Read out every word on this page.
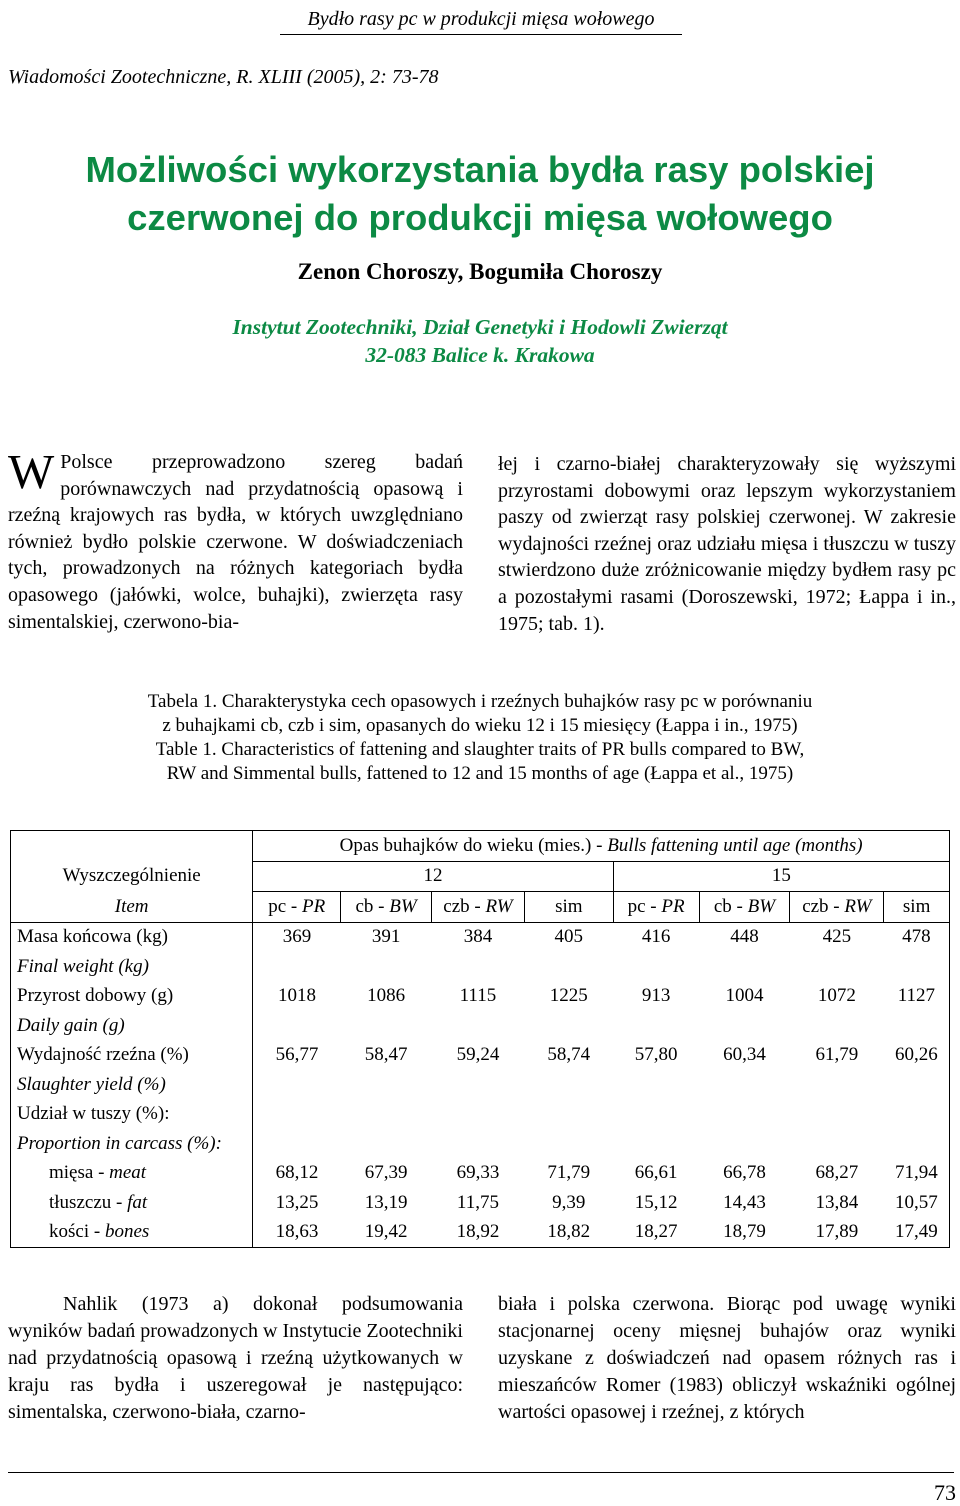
Bydło rasy pc w produkcji mięsa wołowego
Wiadomości Zootechniczne, R. XLIII (2005), 2: 73-78
Możliwości wykorzystania bydła rasy polskiej
czerwonej do produkcji mięsa wołowego
Zenon Choroszy, Bogumiła Choroszy
Instytut Zootechniki, Dział Genetyki i Hodowli Zwierząt
32-083 Balice k. Krakowa

W Polsce przeprowadzono szereg badań porównawczych nad przydatnością opasową i rzeźną krajowych ras bydła, w których uwzględniano również bydło polskie czerwone. W doświadczeniach tych, prowadzonych na różnych kategoriach bydła opasowego (jałówki, wolce, buhajki), zwierzęta rasy simentalskiej, czerwono-bia-

łej i czarno-białej charakteryzowały się wyższymi przyrostami dobowymi oraz lepszym wykorzystaniem paszy od zwierząt rasy polskiej czerwonej. W zakresie wydajności rzeźnej oraz udziału mięsa i tłuszczu w tuszy stwierdzono duże zróżnicowanie między bydłem rasy pc a pozostałymi rasami (Doroszewski, 1972; Łappa i in., 1975; tab. 1).

Tabela 1. Charakterystyka cech opasowych i rzeźnych buhajków rasy pc w porównaniu
z buhajkami cb, czb i sim, opasanych do wieku 12 i 15 miesięcy (Łappa i in., 1975)
Table 1. Characteristics of fattening and slaughter traits of PR bulls compared to BW,
RW and Simmental bulls, fattened to 12 and 15 months of age (Łappa et al., 1975)
	Opas buhajków do wieku (mies.) - Bulls fattening until age (months)							
Wyszczególnienie	12				15			
Item	pc - PR	cb - BW	czb - RW	sim	pc - PR	cb - BW	czb - RW	sim
Masa końcowa (kg)	369	391	384	405	416	448	425	478
Final weight (kg)								
Przyrost dobowy (g)	1018	1086	1115	1225	913	1004	1072	1127
Daily gain (g)								
Wydajność rzeźna (%)	56,77	58,47	59,24	58,74	57,80	60,34	61,79	60,26
Slaughter yield (%)								
Udział w tuszy (%):								
Proportion in carcass (%):								
mięsa - meat	68,12	67,39	69,33	71,79	66,61	66,78	68,27	71,94
tłuszczu - fat	13,25	13,19	11,75	9,39	15,12	14,43	13,84	10,57
kości - bones	18,63	19,42	18,92	18,82	18,27	18,79	17,89	17,49

Nahlik (1973 a) dokonał podsumowania wyników badań prowadzonych w Instytucie Zootechniki nad przydatnością opasową i rzeźną użytkowanych w kraju ras bydła i uszeregował je następująco: simentalska, czerwono-biała, czarno-

biała i polska czerwona. Biorąc pod uwagę wyniki stacjonarnej oceny mięsnej buhajów oraz wyniki uzyskane z doświadczeń nad opasem różnych ras i mieszańców Romer (1983) obliczył wskaźniki ogólnej wartości opasowej i rzeźnej, z których

73
